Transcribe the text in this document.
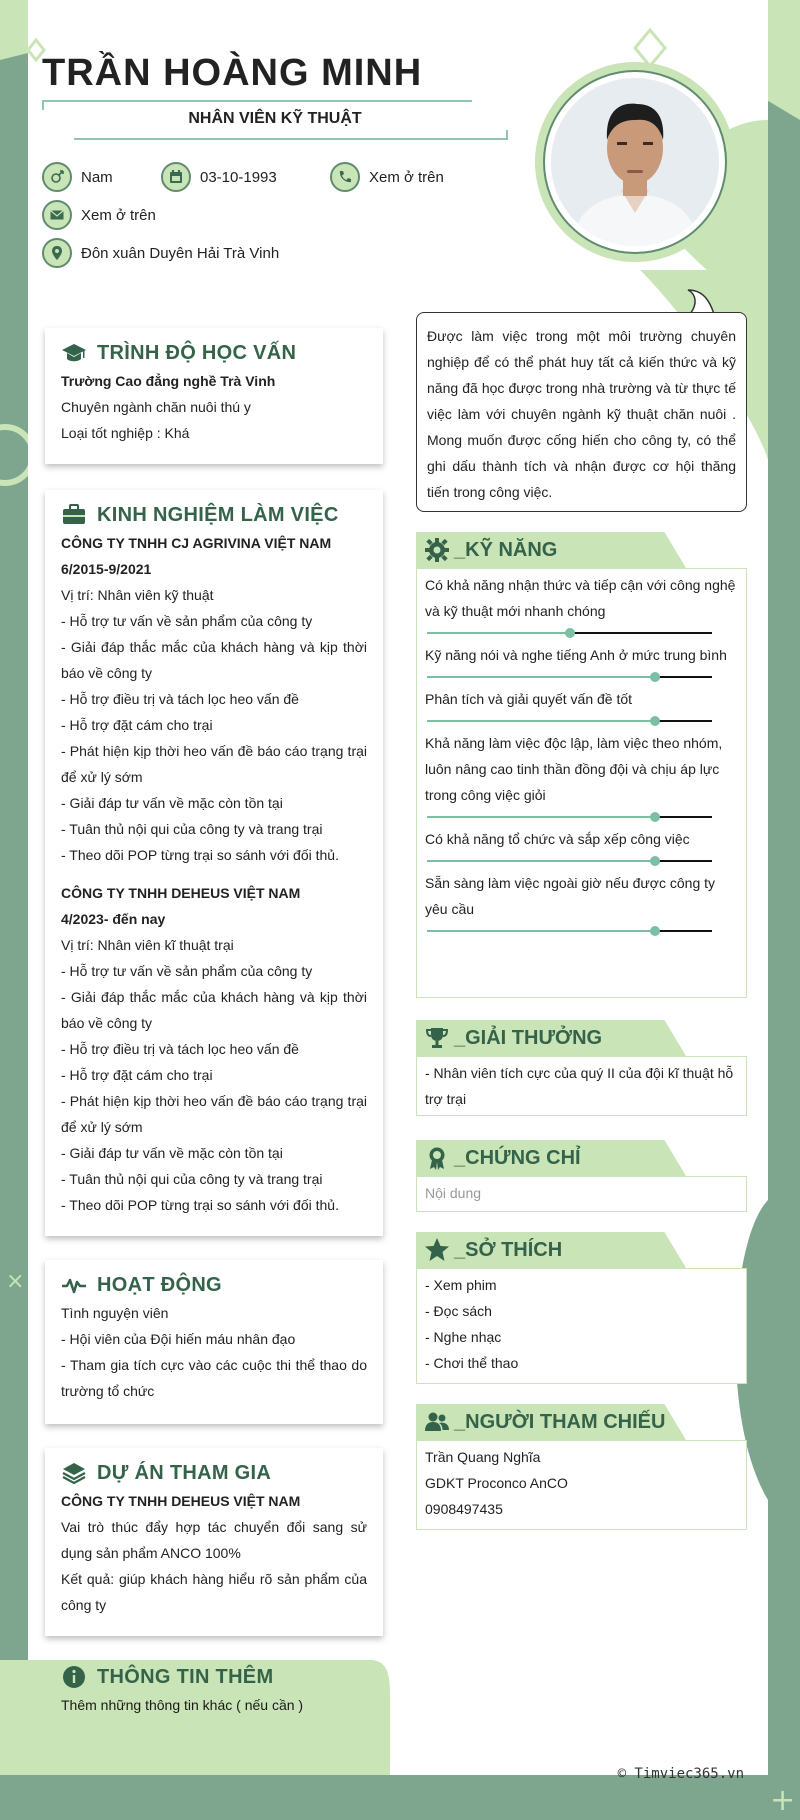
×
+
TRẦN HOÀNG MINH
NHÂN VIÊN KỸ THUẬT
Nam	03-10-1993	Xem ở trên
Xem ở trên
Đôn xuân Duyên Hải Trà Vinh
Được làm việc trong một môi trường chuyên nghiệp để có thể phát huy tất cả kiến thức và kỹ năng đã học được trong nhà trường và từ thực tế việc làm với chuyên ngành kỹ thuật chăn nuôi . Mong muốn được cống hiến cho công ty, có thể ghi dấu thành tích và nhận được cơ hội thăng tiến trong công việc.
TRÌNH ĐỘ HỌC VẤN
Trường Cao đẳng nghề Trà Vinh
Chuyên ngành chăn nuôi thú y
Loại tốt nghiệp : Khá
KINH NGHIỆM LÀM VIỆC
CÔNG TY TNHH CJ AGRIVINA VIỆT NAM
6/2015-9/2021
Vị trí: Nhân viên kỹ thuật
- Hỗ trợ tư vấn về sản phẩm của công ty
- Giải đáp thắc mắc của khách hàng và kịp thời báo về công ty
- Hỗ trợ điều trị và tách lọc heo vấn đề
- Hỗ trợ đặt cám cho trại
- Phát hiện kịp thời heo vấn đề báo cáo trạng trại để xử lý sớm
- Giải đáp tư vấn về mặc còn tồn tại
- Tuân thủ nội qui của công ty và trang trại
- Theo dõi POP từng trại so sánh với đối thủ.
CÔNG TY TNHH DEHEUS VIỆT NAM
4/2023- đến nay
Vị trí: Nhân viên kĩ thuật trại
- Hỗ trợ tư vấn về sản phẩm của công ty
- Giải đáp thắc mắc của khách hàng và kịp thời báo về công ty
- Hỗ trợ điều trị và tách lọc heo vấn đề
- Hỗ trợ đặt cám cho trại
- Phát hiện kịp thời heo vấn đề báo cáo trạng trại để xử lý sớm
- Giải đáp tư vấn về mặc còn tồn tại
- Tuân thủ nội qui của công ty và trang trại
- Theo dõi POP từng trại so sánh với đối thủ.
HOẠT ĐỘNG
Tình nguyện viên
- Hội viên của Đội hiến máu nhân đạo
- Tham gia tích cực vào các cuộc thi thể thao do trường tổ chức
DỰ ÁN THAM GIA
CÔNG TY TNHH DEHEUS VIỆT NAM
Vai trò thúc đẩy hợp tác chuyển đổi sang sử dụng sản phẩm ANCO 100%
Kết quả: giúp khách hàng hiểu rõ sản phẩm của công ty
THÔNG TIN THÊM
Thêm những thông tin khác ( nếu cần )
_KỸ NĂNG
Có khả năng nhận thức và tiếp cận với công nghệ và kỹ thuật mới nhanh chóng
Kỹ năng nói và nghe tiếng Anh ở mức trung bình
Phân tích và giải quyết vấn đề tốt
Khả năng làm việc độc lập, làm việc theo nhóm, luôn nâng cao tinh thần đồng đội và chịu áp lực trong công việc giỏi
Có khả năng tổ chức và sắp xếp công việc
Sẵn sàng làm việc ngoài giờ nếu được công ty yêu cầu
_GIẢI THƯỞNG
- Nhân viên tích cực của quý II của đội kĩ thuật hỗ trợ trại
_CHỨNG CHỈ
Nội dung
_SỞ THÍCH
- Xem phim
- Đọc sách
- Nghe nhạc
- Chơi thể thao
_NGƯỜI THAM CHIẾU
Trần Quang Nghĩa
GDKT Proconco AnCO
0908497435
© Timviec365.vn
